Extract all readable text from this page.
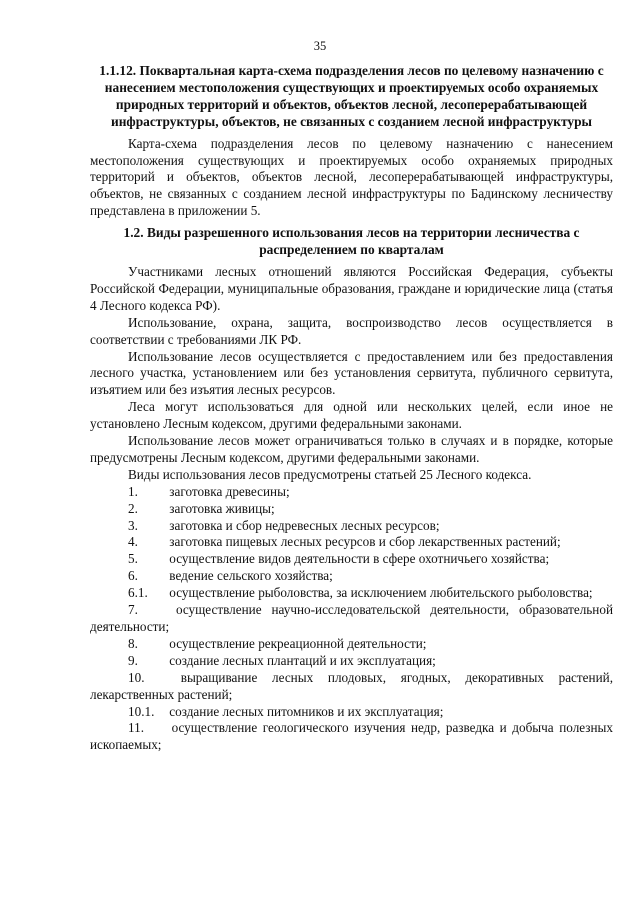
35
1.1.12. Поквартальная карта-схема подразделения лесов по целевому назначению с нанесением местоположения существующих и проектируемых особо охраняемых природных территорий и объектов, объектов лесной, лесоперерабатывающей инфраструктуры, объектов, не связанных с созданием лесной инфраструктуры

Карта-схема подразделения лесов по целевому назначению с нанесением местоположения существующих и проектируемых особо охраняемых природных территорий и объектов, объектов лесной, лесоперерабатывающей инфраструктуры, объектов, не связанных с созданием лесной инфраструктуры по Бадинскому лесничеству представлена в приложении 5.

1.2. Виды разрешенного использования лесов на территории лесничества с распределением по кварталам

Участниками лесных отношений являются Российская Федерация, субъекты Российской Федерации, муниципальные образования, граждане и юридические лица (статья 4 Лесного кодекса РФ).

Использование, охрана, защита, воспроизводство лесов осуществляется в соответствии с требованиями ЛК РФ.

Использование лесов осуществляется с предоставлением или без предоставления лесного участка, установлением или без установления сервитута, публичного сервитута, изъятием или без изъятия лесных ресурсов.

Леса могут использоваться для одной или нескольких целей, если иное не установлено Лесным кодексом, другими федеральными законами.

Использование лесов может ограничиваться только в случаях и в порядке, которые предусмотрены Лесным кодексом, другими федеральными законами.

Виды использования лесов предусмотрены статьей 25 Лесного кодекса.

1. заготовка древесины;

2. заготовка живицы;

3. заготовка и сбор недревесных лесных ресурсов;

4. заготовка пищевых лесных ресурсов и сбор лекарственных растений;

5. осуществление видов деятельности в сфере охотничьего хозяйства;

6. ведение сельского хозяйства;

6.1. осуществление рыболовства, за исключением любительского рыболовства;

7.	осуществление научно-исследовательской деятельности, образовательной деятельности;

8. осуществление рекреационной деятельности;

9. создание лесных плантаций и их эксплуатация;

10.	выращивание лесных плодовых, ягодных, декоративных растений, лекарственных растений;

10.1. создание лесных питомников и их эксплуатация;

11. осуществление геологического изучения недр, разведка и добыча полезных ископаемых;
